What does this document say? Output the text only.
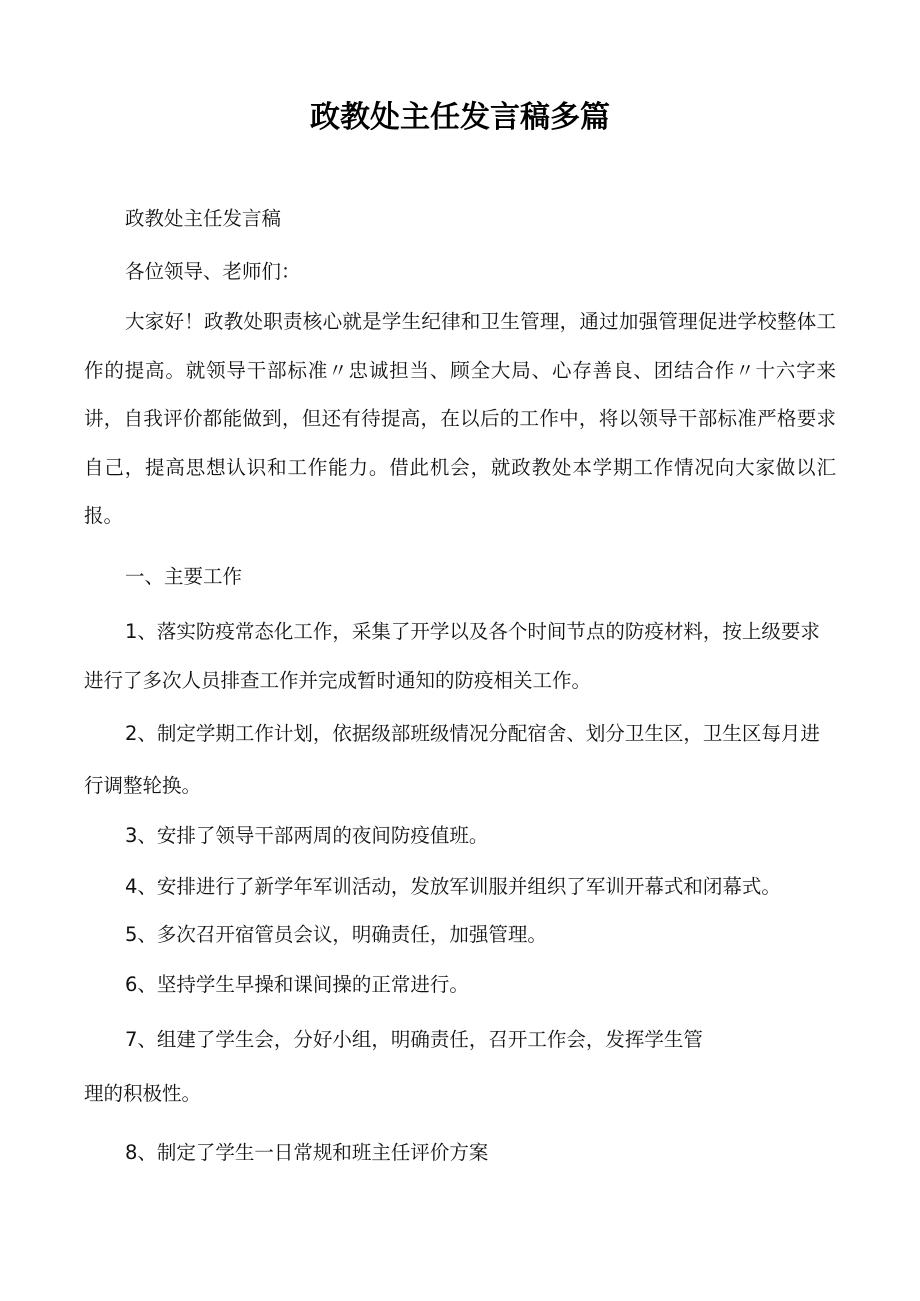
政教处主任发言稿多篇
政教处主任发言稿
各位领导、老师们：
大家好！政教处职责核心就是学生纪律和卫生管理，通过加强管理促进学校整体工作的提高。就领导干部标准〃忠诚担当、顾全大局、心存善良、团结合作〃十六字来讲，自我评价都能做到，但还有待提高，在以后的工作中，将以领导干部标准严格要求自己，提高思想认识和工作能力。借此机会，就政教处本学期工作情况向大家做以汇报。
一、主要工作
1、落实防疫常态化工作，采集了开学以及各个时间节点的防疫材料，按上级要求
进行了多次人员排查工作并完成暂时通知的防疫相关工作。
2、制定学期工作计划，依据级部班级情况分配宿舍、划分卫生区，卫生区每月进
行调整轮换。
3、安排了领导干部两周的夜间防疫值班。
4、安排进行了新学年军训活动，发放军训服并组织了军训开幕式和闭幕式。
5、多次召开宿管员会议，明确责任，加强管理。
6、坚持学生早操和课间操的正常进行。
7、组建了学生会，分好小组，明确责任，召开工作会，发挥学生管
理的积极性。
8、制定了学生一日常规和班主任评价方案
